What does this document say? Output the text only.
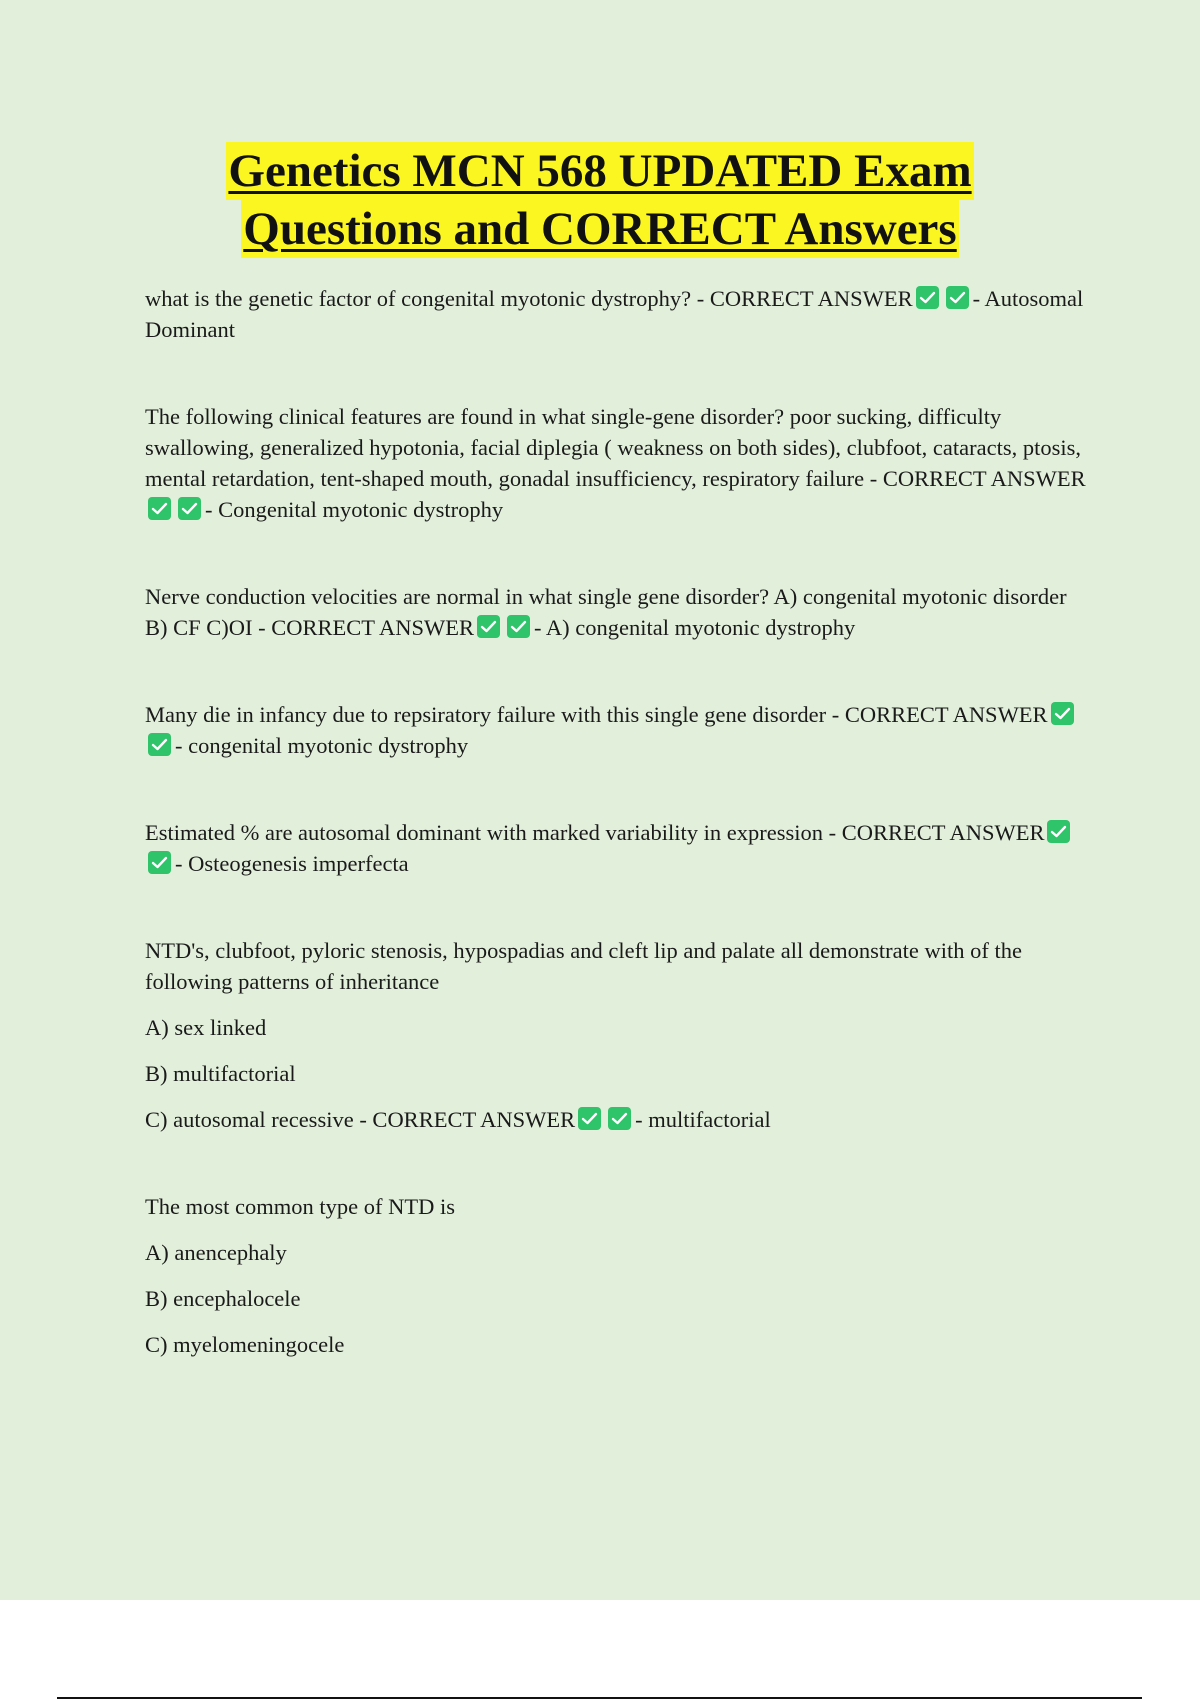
Genetics MCN 568 UPDATED Exam
Questions and CORRECT Answers

what is the genetic factor of congenital myotonic dystrophy? - CORRECT ANSWER	- Autosomal Dominant

The following clinical features are found in what single-gene disorder? poor sucking, difficulty swallowing, generalized hypotonia, facial diplegia ( weakness on both sides), clubfoot, cataracts, ptosis, mental retardation, tent-shaped mouth, gonadal insufficiency, respiratory failure - CORRECT ANSWER
- Congenital myotonic dystrophy

Nerve conduction velocities are normal in what single gene disorder? A) congenital myotonic disorder B) CF C)OI - CORRECT ANSWER	- A) congenital myotonic dystrophy

Many die in infancy due to repsiratory failure with this single gene disorder - CORRECT ANSWER
- congenital myotonic dystrophy

Estimated % are autosomal dominant with marked variability in expression - CORRECT ANSWER
- Osteogenesis imperfecta

NTD's, clubfoot, pyloric stenosis, hypospadias and cleft lip and palate all demonstrate with of the following patterns of inheritance

A) sex linked

B) multifactorial

C) autosomal recessive - CORRECT ANSWER	- multifactorial

The most common type of NTD is

A) anencephaly

B) encephalocele

C) myelomeningocele
